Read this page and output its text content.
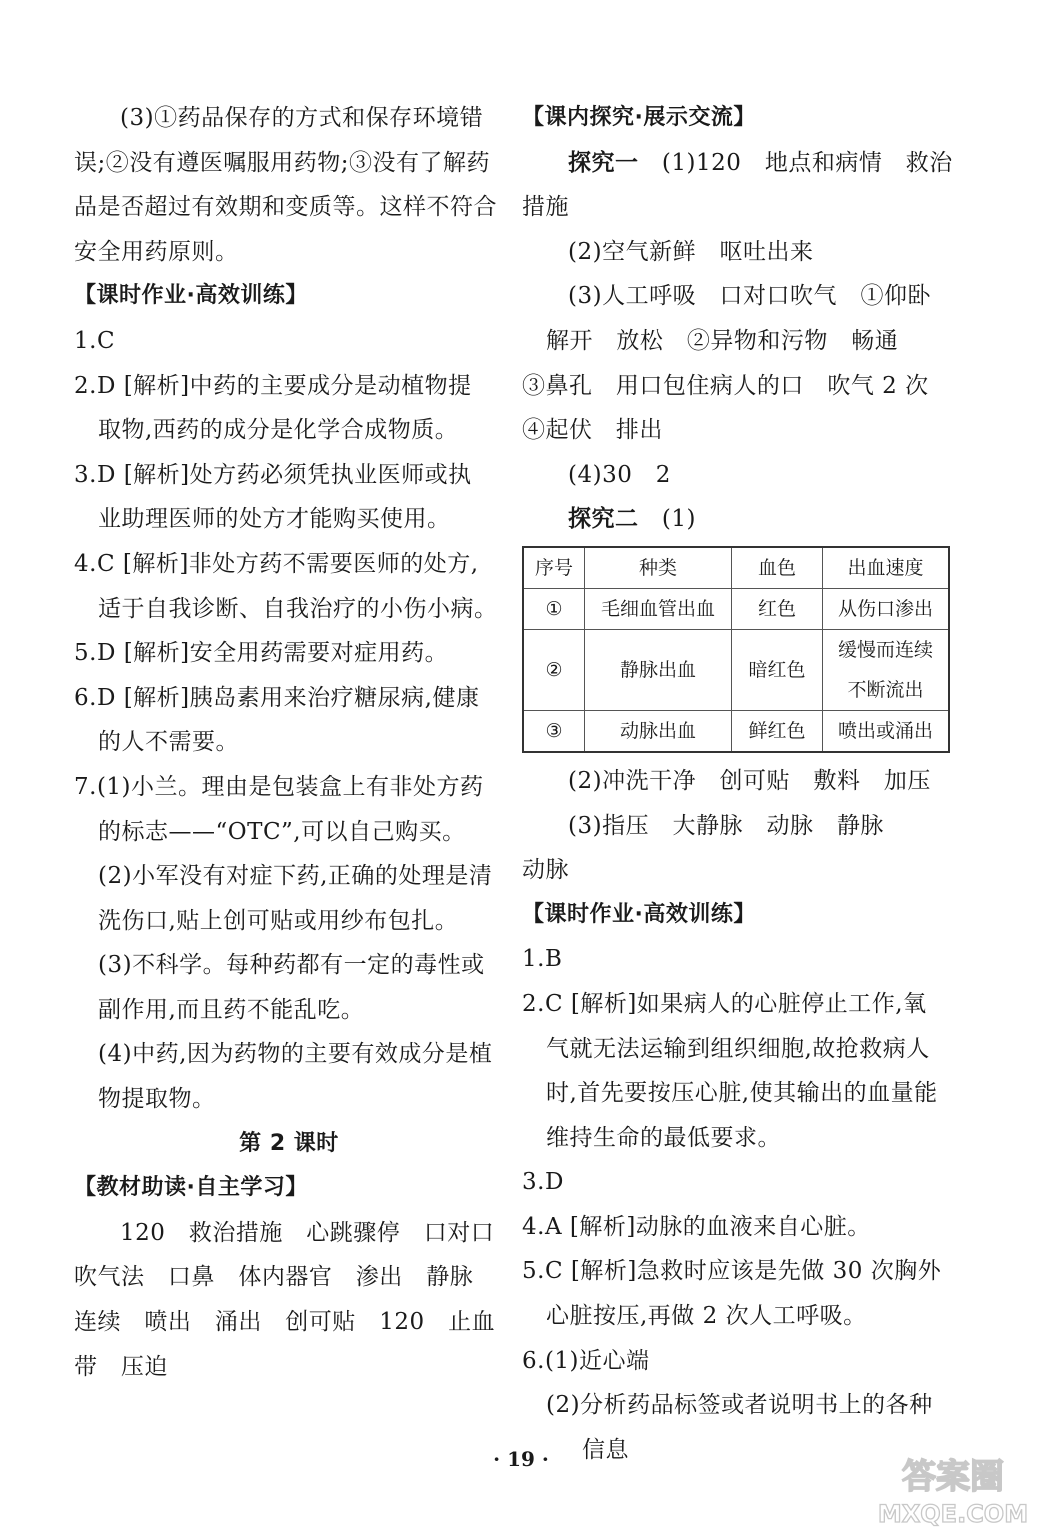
(3)①药品保存的方式和保存环境错
误;②没有遵医嘱服用药物;③没有了解药
品是否超过有效期和变质等。这样不符合
安全用药原则。
【课时作业·高效训练】
1.C
2.D [解析]中药的主要成分是动植物提
取物,西药的成分是化学合成物质。
3.D [解析]处方药必须凭执业医师或执
业助理医师的处方才能购买使用。
4.C [解析]非处方药不需要医师的处方,
适于自我诊断、自我治疗的小伤小病。
5.D [解析]安全用药需要对症用药。
6.D [解析]胰岛素用来治疗糖尿病,健康
的人不需要。
7.(1)小兰。理由是包装盒上有非处方药
的标志——“OTC”,可以自己购买。
(2)小军没有对症下药,正确的处理是清
洗伤口,贴上创可贴或用纱布包扎。
(3)不科学。每种药都有一定的毒性或
副作用,而且药不能乱吃。
(4)中药,因为药物的主要有效成分是植
物提取物。
第 2 课时
【教材助读·自主学习】
120   救治措施   心跳骤停   口对口
吹气法   口鼻   体内器官   渗出   静脉
连续   喷出   涌出   创可贴   120   止血
带   压迫
【课内探究·展示交流】
探究一   (1)120   地点和病情   救治
措施
(2)空气新鲜   呕吐出来
(3)人工呼吸   口对口吹气   ①仰卧
解开   放松   ②异物和污物   畅通
③鼻孔   用口包住病人的口   吹气 2 次
④起伏   排出
(4)30   2
探究二   (1)
序号	种类	血色	出血速度
①	毛细血管出血	红色	从伤口渗出
②	静脉出血	暗红色	缓慢而连续
不断流出

③	动脉出血	鲜红色	喷出或涌出
(2)冲洗干净   创可贴   敷料   加压
(3)指压   大静脉   动脉   静脉
动脉
【课时作业·高效训练】
1.B
2.C [解析]如果病人的心脏停止工作,氧
气就无法运输到组织细胞,故抢救病人
时,首先要按压心脏,使其输出的血量能
维持生命的最低要求。
3.D
4.A [解析]动脉的血液来自心脏。
5.C [解析]急救时应该是先做 30 次胸外
心脏按压,再做 2 次人工呼吸。
6.(1)近心端
(2)分析药品标签或者说明书上的各种
信息
· 19 ·	答案圈
MXQE.COM
